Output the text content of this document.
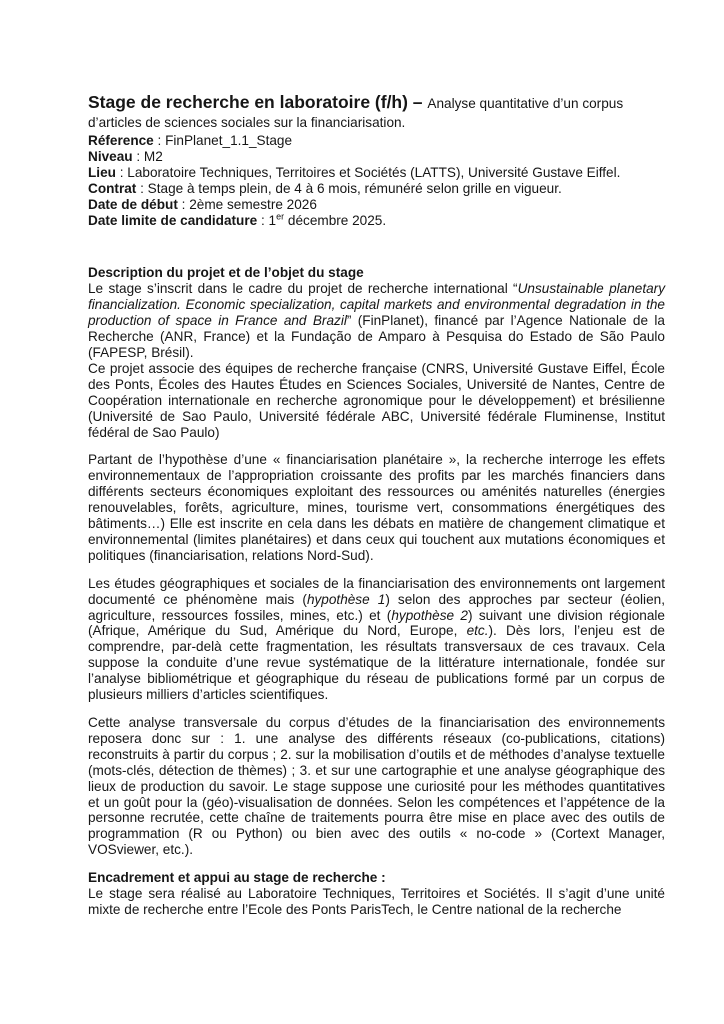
Stage de recherche en laboratoire (f/h) – Analyse quantitative d’un corpus d’articles de sciences sociales sur la financiarisation.

Réference : FinPlanet_1.1_Stage

Niveau : M2

Lieu : Laboratoire Techniques, Territoires et Sociétés (LATTS), Université Gustave Eiffel.

Contrat : Stage à temps plein, de 4 à 6 mois, rémunéré selon grille en vigueur.

Date de début : 2ème semestre 2026

Date limite de candidature : 1er décembre 2025.

Description du projet et de l’objet du stage

Le stage s’inscrit dans le cadre du projet de recherche international “Unsustainable planetary financialization. Economic specialization, capital markets and environmental degradation in the production of space in France and Brazil” (FinPlanet), financé par l’Agence Nationale de la Recherche (ANR, France) et la Fundação de Amparo à Pesquisa do Estado de São Paulo (FAPESP, Brésil).

Ce projet associe des équipes de recherche française (CNRS, Université Gustave Eiffel, École des Ponts, Écoles des Hautes Études en Sciences Sociales, Université de Nantes, Centre de Coopération internationale en recherche agronomique pour le développement) et brésilienne (Université de Sao Paulo, Université fédérale ABC, Université fédérale Fluminense, Institut fédéral de Sao Paulo)

Partant de l’hypothèse d’une « financiarisation planétaire », la recherche interroge les effets environnementaux de l’appropriation croissante des profits par les marchés financiers dans différents secteurs économiques exploitant des ressources ou aménités naturelles (énergies renouvelables, forêts, agriculture, mines, tourisme vert, consommations énergétiques des bâtiments…) Elle est inscrite en cela dans les débats en matière de changement climatique et environnemental (limites planétaires) et dans ceux qui touchent aux mutations économiques et politiques (financiarisation, relations Nord-Sud).

Les études géographiques et sociales de la financiarisation des environnements ont largement documenté ce phénomène mais (hypothèse 1) selon des approches par secteur (éolien, agriculture, ressources fossiles, mines, etc.) et (hypothèse 2) suivant une division régionale (Afrique, Amérique du Sud, Amérique du Nord, Europe, etc.). Dès lors, l’enjeu est de comprendre, par-delà cette fragmentation, les résultats transversaux de ces travaux. Cela suppose la conduite d’une revue systématique de la littérature internationale, fondée sur l’analyse bibliométrique et géographique du réseau de publications formé par un corpus de plusieurs milliers d’articles scientifiques.

Cette analyse transversale du corpus d’études de la financiarisation des environnements reposera donc sur : 1. une analyse des différents réseaux (co-publications, citations) reconstruits à partir du corpus ; 2. sur la mobilisation d’outils et de méthodes d’analyse textuelle (mots-clés, détection de thèmes) ; 3. et sur une cartographie et une analyse géographique des lieux de production du savoir. Le stage suppose une curiosité pour les méthodes quantitatives et un goût pour la (géo)-visualisation de données. Selon les compétences et l’appétence de la personne recrutée, cette chaîne de traitements pourra être mise en place avec des outils de programmation (R ou Python) ou bien avec des outils « no-code » (Cortext Manager, VOSviewer, etc.).

Encadrement et appui au stage de recherche :

Le stage sera réalisé au Laboratoire Techniques, Territoires et Sociétés. Il s’agit d’une unité mixte de recherche entre l’Ecole des Ponts ParisTech, le Centre national de la recherche
